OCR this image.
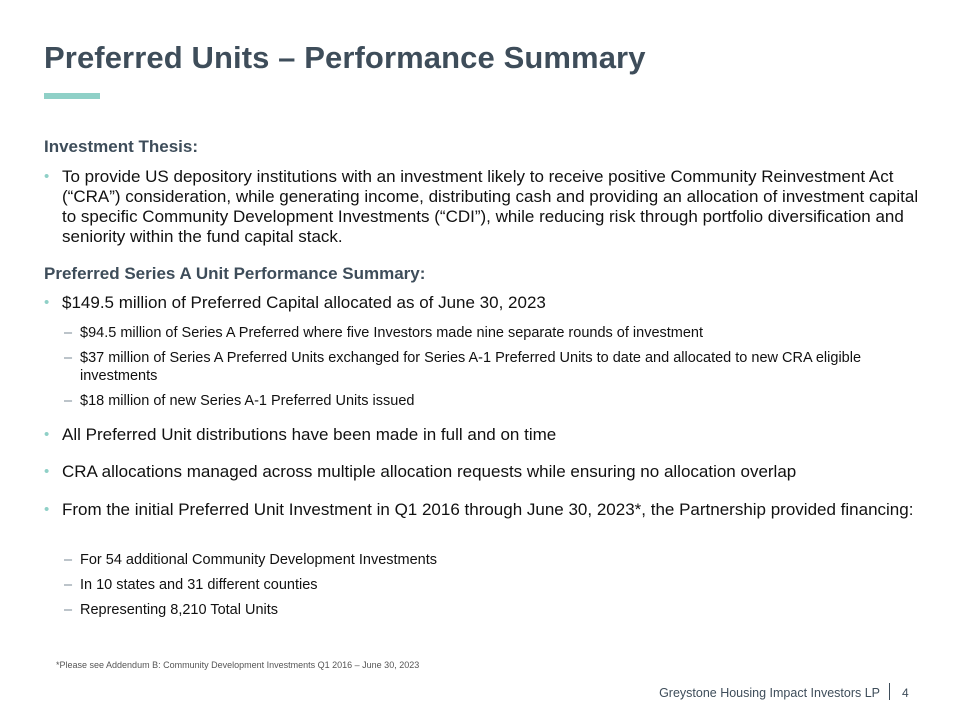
Preferred Units – Performance Summary
Investment Thesis:
• To provide US depository institutions with an investment likely to receive positive Community Reinvestment Act (“CRA”) consideration, while generating income, distributing cash and providing an allocation of investment capital to specific Community Development Investments (“CDI”), while reducing risk through portfolio diversification and seniority within the fund capital stack.
Preferred Series A Unit Performance Summary:
• $149.5 million of Preferred Capital allocated as of June 30, 2023
– $94.5 million of Series A Preferred where five Investors made nine separate rounds of investment
– $37 million of Series A Preferred Units exchanged for Series A-1 Preferred Units to date and allocated to new CRA eligible investments
– $18 million of new Series A-1 Preferred Units issued
• All Preferred Unit distributions have been made in full and on time
• CRA allocations managed across multiple allocation requests while ensuring no allocation overlap
• From the initial Preferred Unit Investment in Q1 2016 through June 30, 2023*, the Partnership provided financing:
– For 54 additional Community Development Investments
– In 10 states and 31 different counties
– Representing 8,210 Total Units
*Please see Addendum B: Community Development Investments Q1 2016 – June 30, 2023
Greystone Housing Impact Investors LP 4
